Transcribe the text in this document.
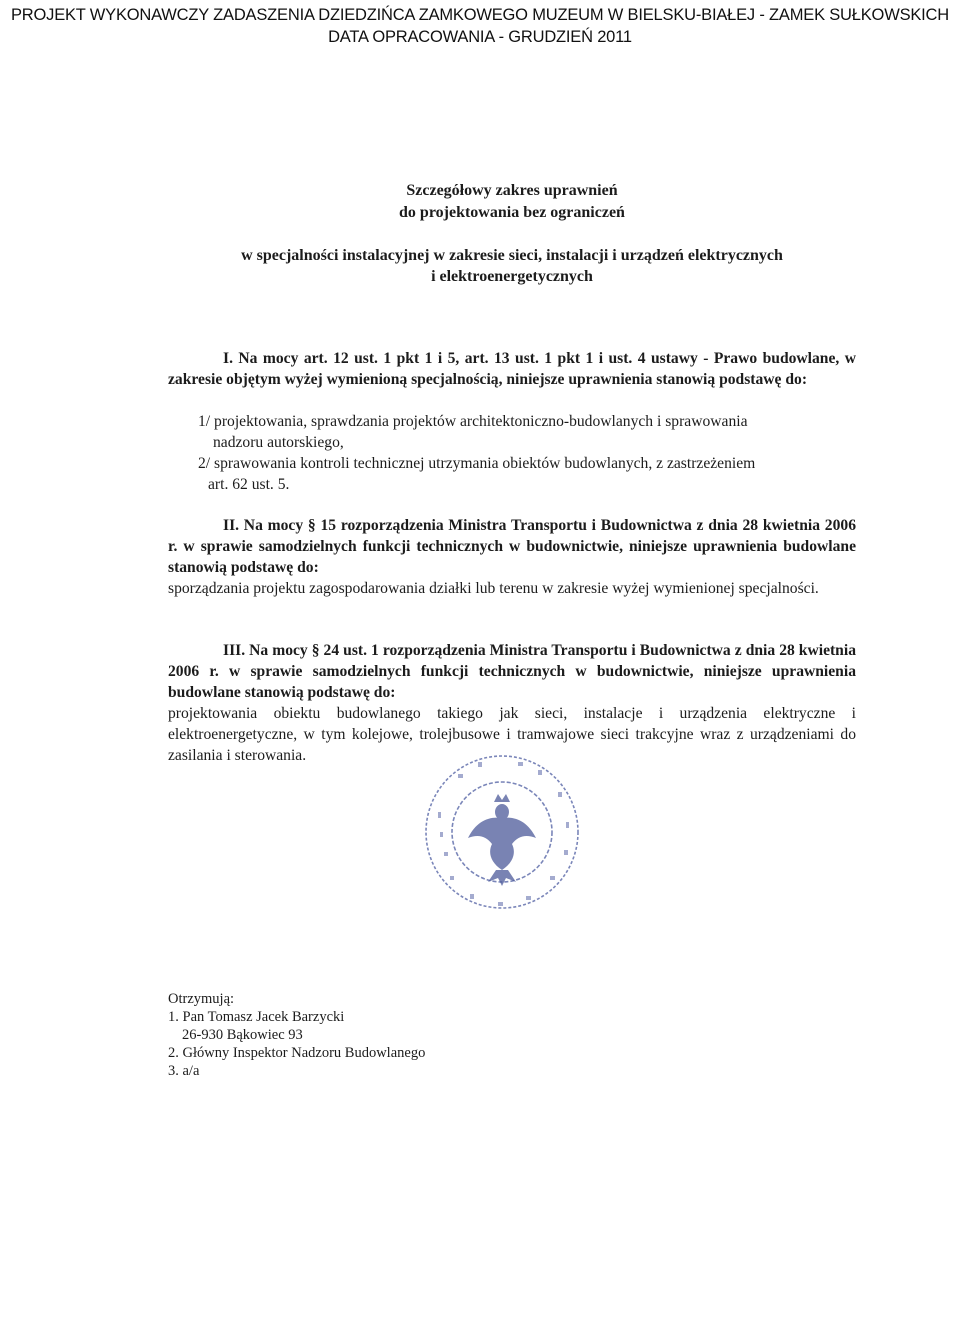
PROJEKT WYKONAWCZY ZADASZENIA DZIEDZIŃCA ZAMKOWEGO MUZEUM W BIELSKU-BIAŁEJ - ZAMEK SUŁKOWSKICH
DATA OPRACOWANIA - GRUDZIEŃ 2011
Szczegółowy zakres uprawnień
do projektowania bez ograniczeń
w specjalności instalacyjnej w zakresie sieci, instalacji i urządzeń elektrycznych
i elektroenergetycznych
I. Na mocy art. 12 ust. 1 pkt 1 i 5, art. 13 ust. 1 pkt 1 i ust. 4 ustawy - Prawo budowlane, w zakresie objętym wyżej wymienioną specjalnością, niniejsze uprawnienia stanowią podstawę do:
1/ projektowania, sprawdzania projektów architektoniczno-budowlanych i sprawowania
nadzoru autorskiego,
2/ sprawowania kontroli technicznej utrzymania obiektów budowlanych, z zastrzeżeniem
art. 62 ust. 5.
II. Na mocy § 15 rozporządzenia Ministra Transportu i Budownictwa z dnia 28 kwietnia 2006 r. w sprawie samodzielnych funkcji technicznych w budownictwie, niniejsze uprawnienia budowlane stanowią podstawę do:
sporządzania projektu zagospodarowania działki lub terenu w zakresie wyżej wymienionej specjalności.
III. Na mocy § 24 ust. 1 rozporządzenia Ministra Transportu i Budownictwa z dnia 28 kwietnia 2006 r. w sprawie samodzielnych funkcji technicznych w budownictwie, niniejsze uprawnienia budowlane stanowią podstawę do:
projektowania obiektu budowlanego takiego jak sieci, instalacje i urządzenia elektryczne i elektroenergetyczne, w tym kolejowe, trolejbusowe i tramwajowe sieci trakcyjne wraz z urządzeniami do zasilania i sterowania.
Otrzymują:
1. Pan Tomasz Jacek Barzycki
26-930 Bąkowiec 93
2. Główny Inspektor Nadzoru Budowlanego
3. a/a
